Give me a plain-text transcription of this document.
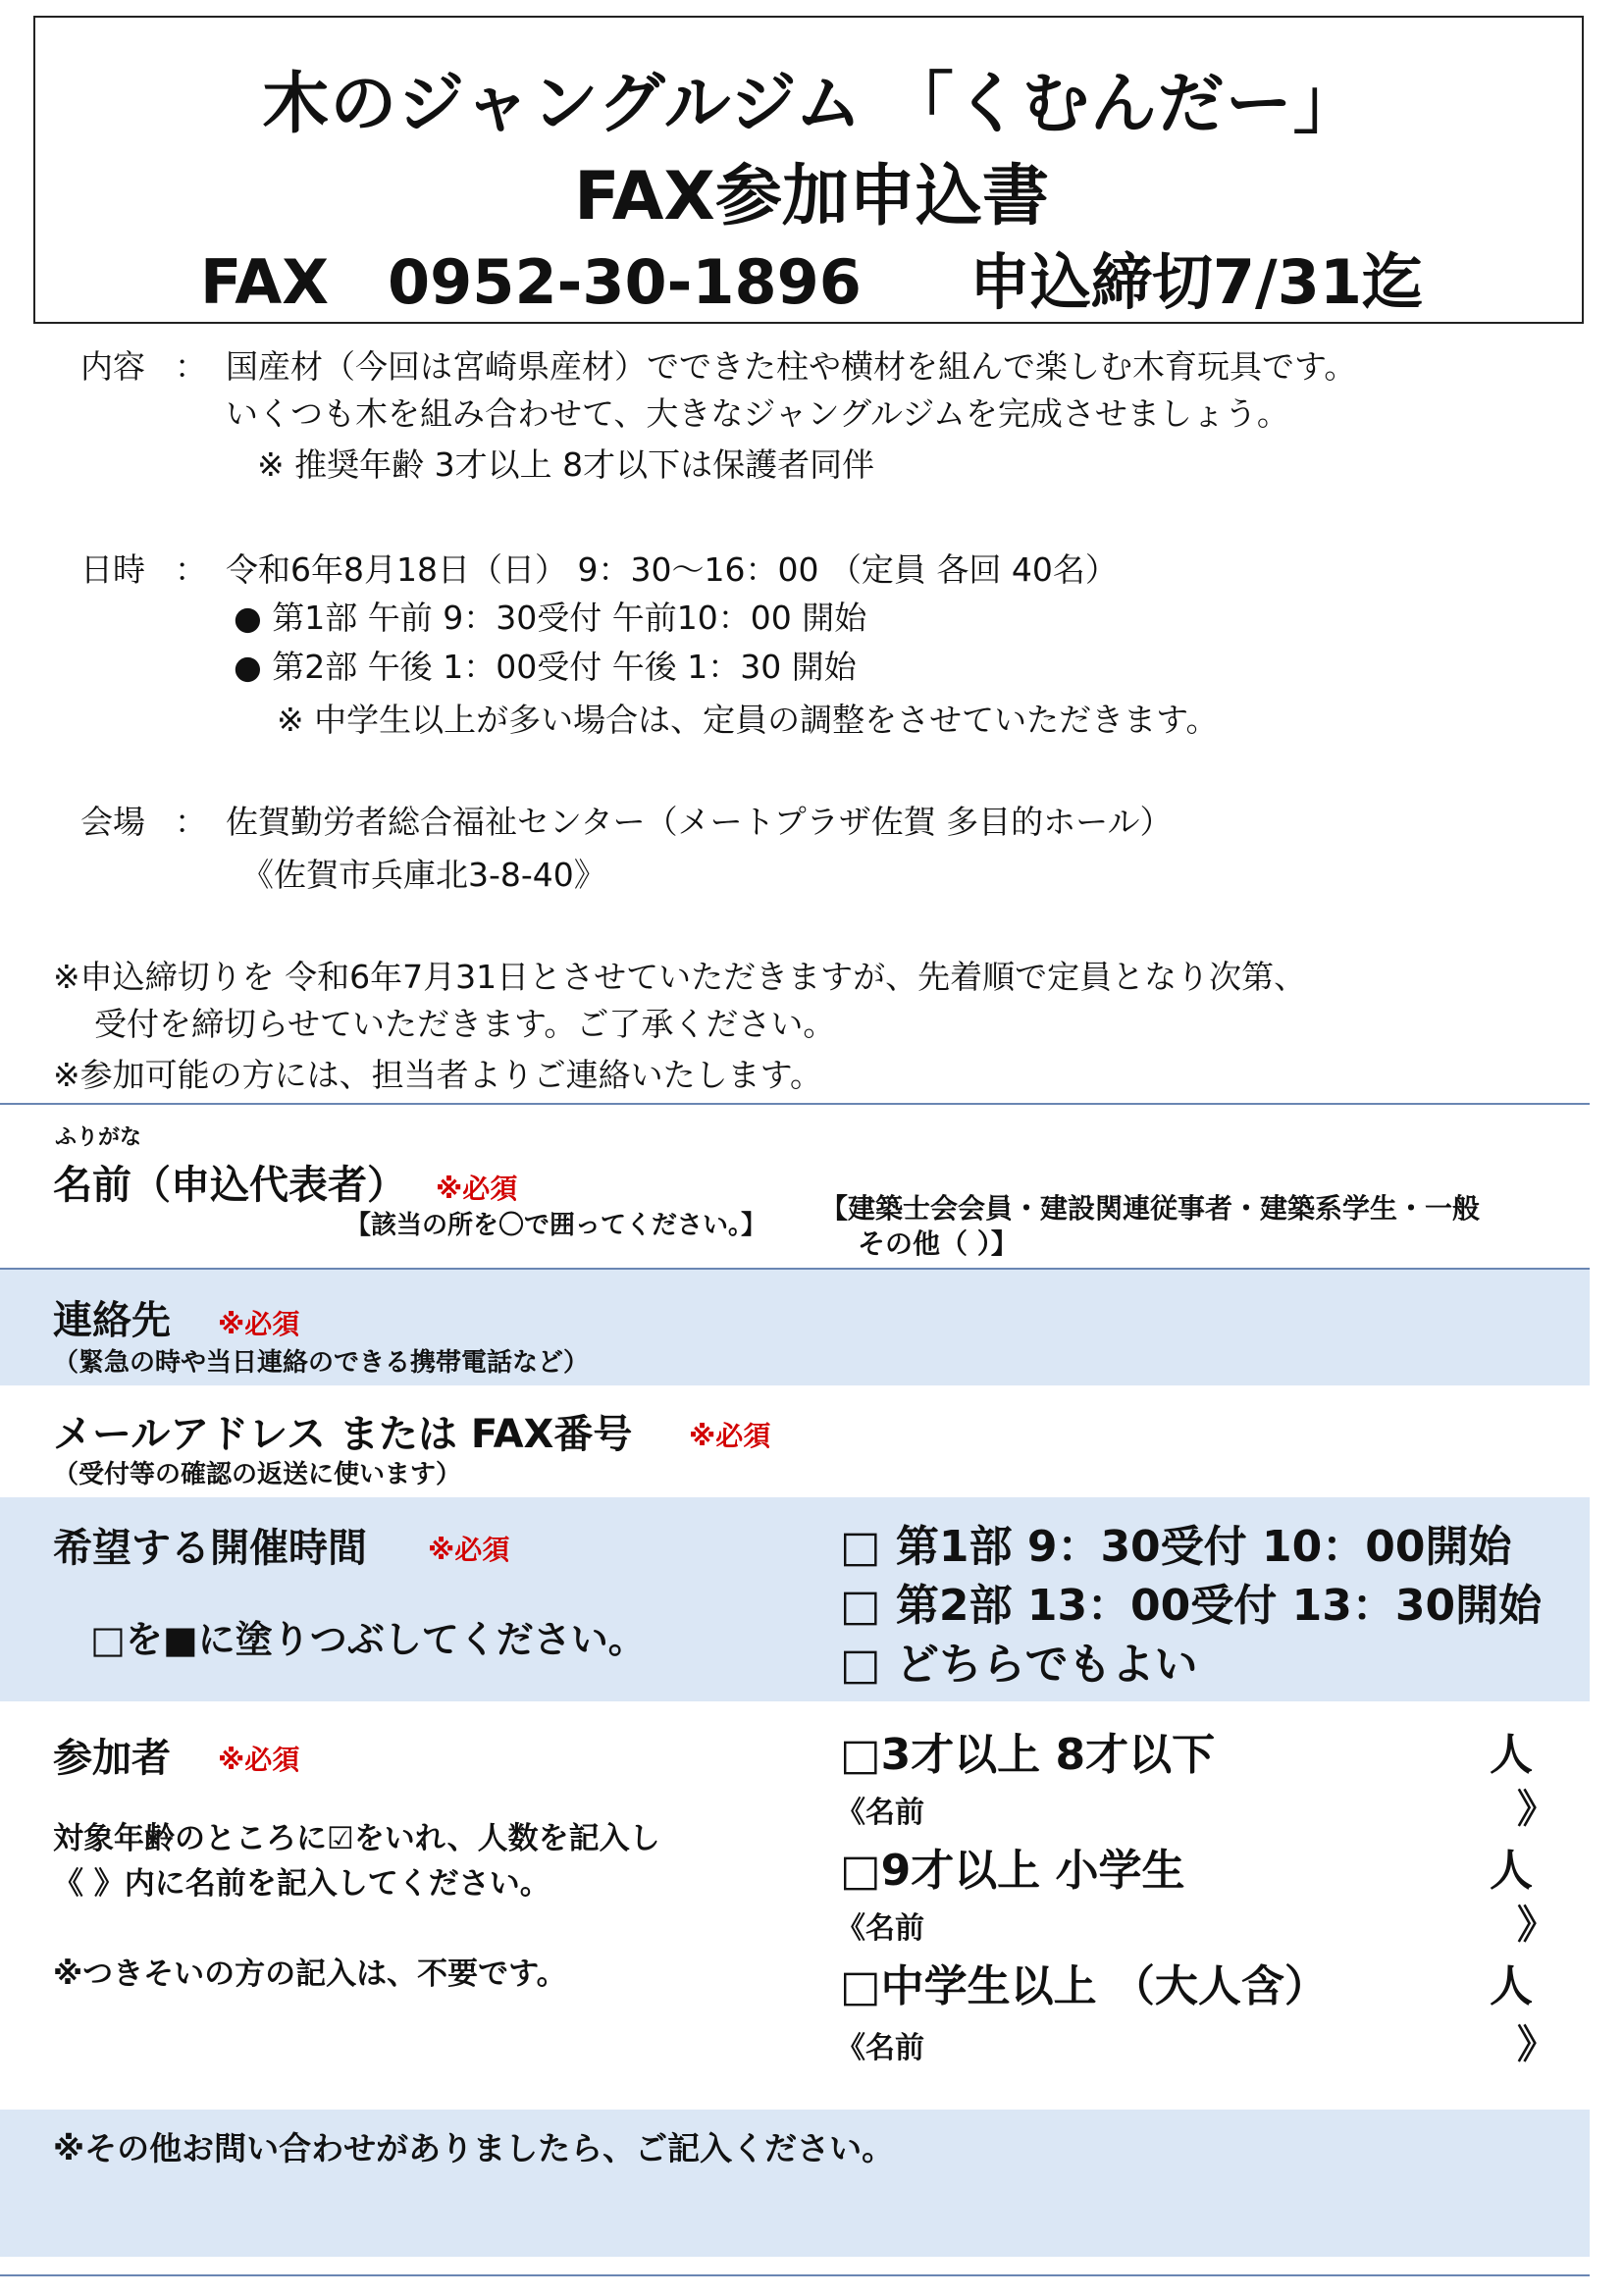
木のジャングルジム 「くむんだー」
FAX参加申込書
FAX 0952-30-1896 申込締切7/31迄
内容 ： 国産材（今回は宮崎県産材）でできた柱や横材を組んで楽しむ木育玩具です。
いくつも木を組み合わせて、大きなジャングルジムを完成させましょう。
※ 推奨年齢 3才以上 8才以下は保護者同伴
日時 ： 令和6年8月18日（日） 9：30〜16：00 （定員 各回 40名）
● 第1部 午前 9：30受付 午前10：00 開始
● 第2部 午後 1：00受付 午後 1：30 開始
※ 中学生以上が多い場合は、定員の調整をさせていただきます。
会場 ： 佐賀勤労者総合福祉センター（メートプラザ佐賀 多目的ホール）
《佐賀市兵庫北3-8-40》
※申込締切りを 令和6年7月31日とさせていただきますが、先着順で定員となり次第、
受付を締切らせていただきます。ご了承ください。
※参加可能の方には、担当者よりご連絡いたします。
ふりがな
名前（申込代表者） ※必須
【該当の所を〇で囲ってください。】
【建築士会会員・建設関連従事者・建築系学生・一般
その他（ ）】
連絡先 ※必須
（緊急の時や当日連絡のできる携帯電話など）
メールアドレス または FAX番号 ※必須
（受付等の確認の返送に使います）
希望する開催時間 ※必須
□を■に塗りつぶしてください。
□ 第1部 9：30受付 10：00開始
□ 第2部 13：00受付 13：30開始
□ どちらでもよい
参加者 ※必須
対象年齢のところに☑をいれ、人数を記入し
《 》内に名前を記入してください。
※つきそいの方の記入は、不要です。
□3才以上 8才以下	人
《名前	》
□9才以上 小学生	人
《名前	》
□中学生以上 （大人含）	人
《名前	》
※その他お問い合わせがありましたら、ご記入ください。
